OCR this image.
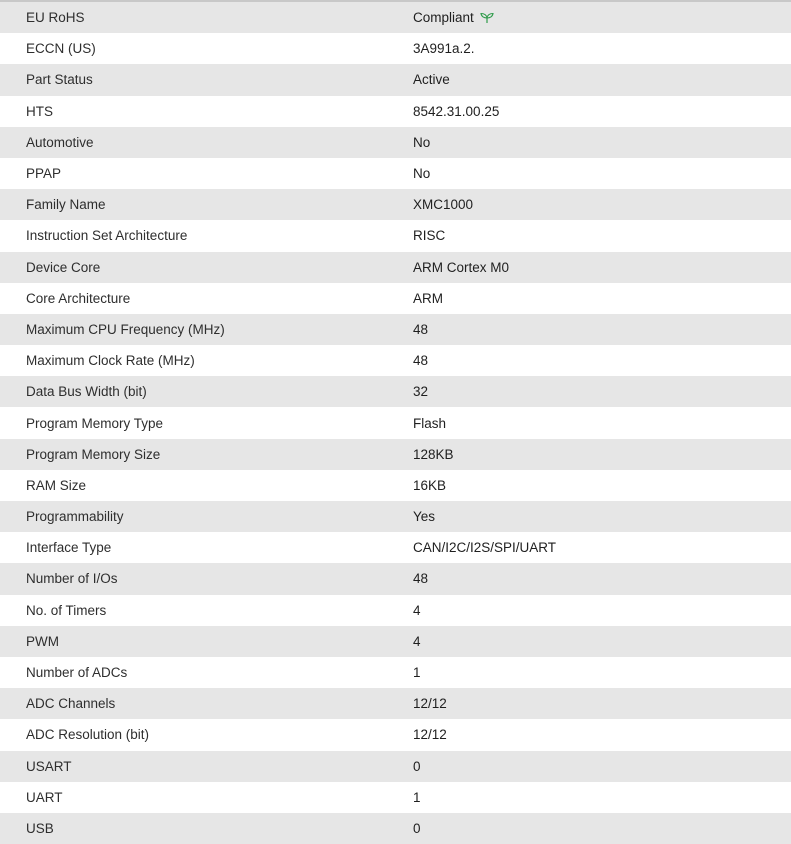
EU RoHS	Compliant
ECCN (US)	3A991a.2.
Part Status	Active
HTS	8542.31.00.25
Automotive	No
PPAP	No
Family Name	XMC1000
Instruction Set Architecture	RISC
Device Core	ARM Cortex M0
Core Architecture	ARM
Maximum CPU Frequency (MHz)	48
Maximum Clock Rate (MHz)	48
Data Bus Width (bit)	32
Program Memory Type	Flash
Program Memory Size	128KB
RAM Size	16KB
Programmability	Yes
Interface Type	CAN/I2C/I2S/SPI/UART
Number of I/Os	48
No. of Timers	4
PWM	4
Number of ADCs	1
ADC Channels	12/12
ADC Resolution (bit)	12/12
USART	0
UART	1
USB	0
